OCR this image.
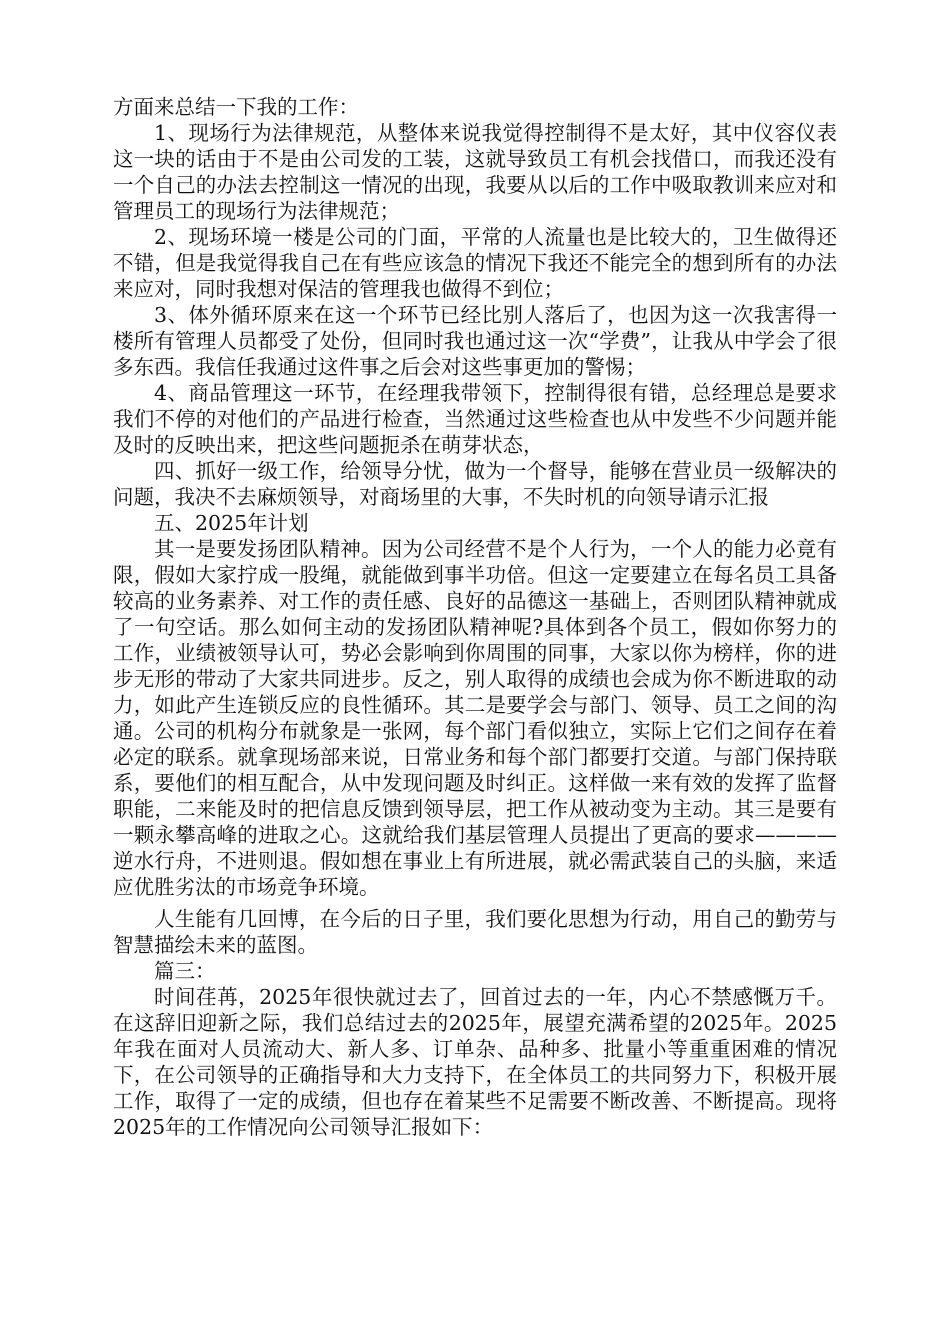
方面来总结一下我的工作：

1、现场行为法律规范，从整体来说我觉得控制得不是太好，其中仪容仪表这一块的话由于不是由公司发的工装，这就导致员工有机会找借口，而我还没有一个自己的办法去控制这一情况的出现，我要从以后的工作中吸取教训来应对和管理员工的现场行为法律规范；

2、现场环境一楼是公司的门面，平常的人流量也是比较大的，卫生做得还不错，但是我觉得我自己在有些应该急的情况下我还不能完全的想到所有的办法来应对，同时我想对保洁的管理我也做得不到位；

3、体外循环原来在这一个环节已经比别人落后了，也因为这一次我害得一楼所有管理人员都受了处份，但同时我也通过这一次“学费”，让我从中学会了很多东西。我信任我通过这件事之后会对这些事更加的警惕；

4、商品管理这一环节，在经理我带领下，控制得很有错，总经理总是要求我们不停的对他们的产品进行检查，当然通过这些检查也从中发些不少问题并能及时的反映出来，把这些问题扼杀在萌芽状态，

四、抓好一级工作，给领导分忧，做为一个督导，能够在营业员一级解决的问题，我决不去麻烦领导，对商场里的大事，不失时机的向领导请示汇报

五、2025年计划

其一是要发扬团队精神。因为公司经营不是个人行为，一个人的能力必竟有限，假如大家拧成一股绳，就能做到事半功倍。但这一定要建立在每名员工具备较高的业务素养、对工作的责任感、良好的品德这一基础上，否则团队精神就成了一句空话。那么如何主动的发扬团队精神呢?具体到各个员工，假如你努力的工作，业绩被领导认可，势必会影响到你周围的同事，大家以你为榜样，你的进步无形的带动了大家共同进步。反之，别人取得的成绩也会成为你不断进取的动力，如此产生连锁反应的良性循环。其二是要学会与部门、领导、员工之间的沟通。公司的机构分布就象是一张网，每个部门看似独立，实际上它们之间存在着必定的联系。就拿现场部来说，日常业务和每个部门都要打交道。与部门保持联系，要他们的相互配合，从中发现问题及时纠正。这样做一来有效的发挥了监督职能，二来能及时的把信息反馈到领导层，把工作从被动变为主动。其三是要有一颗永攀高峰的进取之心。这就给我们基层管理人员提出了更高的要求————逆水行舟，不进则退。假如想在事业上有所进展，就必需武装自己的头脑，来适应优胜劣汰的市场竞争环境。

人生能有几回博，在今后的日子里，我们要化思想为行动，用自己的勤劳与智慧描绘未来的蓝图。

篇三：

时间荏苒，2025年很快就过去了，回首过去的一年，内心不禁感慨万千。在这辞旧迎新之际，我们总结过去的2025年，展望充满希望的2025年。2025年我在面对人员流动大、新人多、订单杂、品种多、批量小等重重困难的情况下，在公司领导的正确指导和大力支持下，在全体员工的共同努力下，积极开展工作，取得了一定的成绩，但也存在着某些不足需要不断改善、不断提高。现将2025年的工作情况向公司领导汇报如下：
